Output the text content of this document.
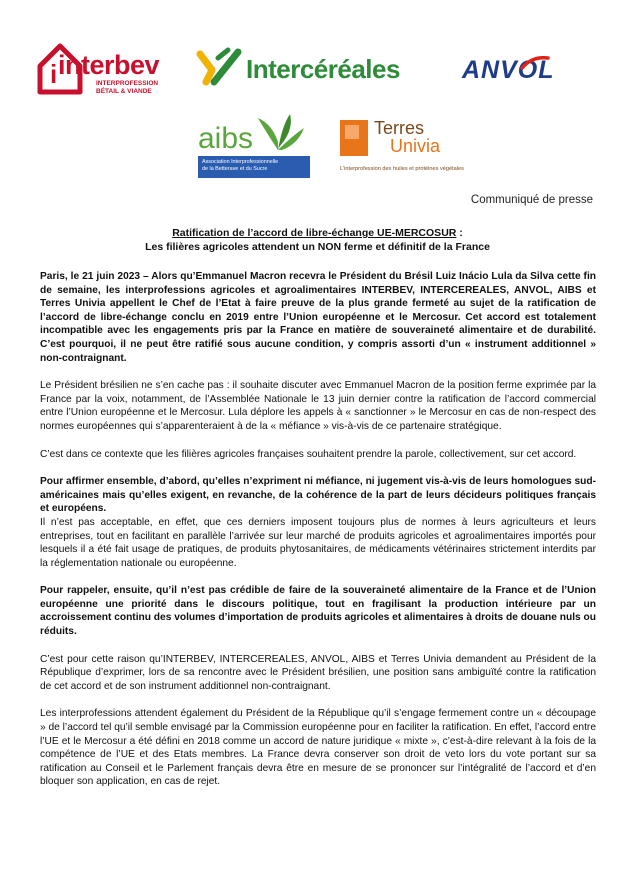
i interbev
INTERPROFESSION
BÉTAIL & VIANDE
Intercéréales ANVOL
aibs
Association Interprofessionnelle
de la Betterave et du Sucre
Terres
Univia
L'interprofession des huiles et protéines végétales
Communiqué de presse
Ratification de l’accord de libre-échange UE-MERCOSUR :
Les filières agricoles attendent un NON ferme et définitif de la France

Paris, le 21 juin 2023 – Alors qu’Emmanuel Macron recevra le Président du Brésil Luiz Inácio Lula da Silva cette fin de semaine, les interprofessions agricoles et agroalimentaires INTERBEV, INTERCEREALES, ANVOL, AIBS et Terres Univia appellent le Chef de l’Etat à faire preuve de la plus grande fermeté au sujet de la ratification de l’accord de libre-échange conclu en 2019 entre l’Union européenne et le Mercosur. Cet accord est totalement incompatible avec les engagements pris par la France en matière de souveraineté alimentaire et de durabilité. C’est pourquoi, il ne peut être ratifié sous aucune condition, y compris assorti d’un « instrument additionnel » non-contraignant.

Le Président brésilien ne s’en cache pas : il souhaite discuter avec Emmanuel Macron de la position ferme exprimée par la France par la voix, notamment, de l’Assemblée Nationale le 13 juin dernier contre la ratification de l’accord commercial entre l’Union européenne et le Mercosur. Lula déplore les appels à « sanctionner » le Mercosur en cas de non-respect des normes européennes qui s’apparenteraient à de la « méfiance » vis-à-vis de ce partenaire stratégique.

C’est dans ce contexte que les filières agricoles françaises souhaitent prendre la parole, collectivement, sur cet accord.

Pour affirmer ensemble, d’abord, qu’elles n’expriment ni méfiance, ni jugement vis-à-vis de leurs homologues sud-américaines mais qu’elles exigent, en revanche, de la cohérence de la part de leurs décideurs politiques français et européens.

Il n’est pas acceptable, en effet, que ces derniers imposent toujours plus de normes à leurs agriculteurs et leurs entreprises, tout en facilitant en parallèle l’arrivée sur leur marché de produits agricoles et agroalimentaires importés pour lesquels il a été fait usage de pratiques, de produits phytosanitaires, de médicaments vétérinaires strictement interdits par la réglementation nationale ou européenne.

Pour rappeler, ensuite, qu’il n’est pas crédible de faire de la souveraineté alimentaire de la France et de l’Union européenne une priorité dans le discours politique, tout en fragilisant la production intérieure par un accroissement continu des volumes d’importation de produits agricoles et alimentaires à droits de douane nuls ou réduits.

C’est pour cette raison qu’INTERBEV, INTERCEREALES, ANVOL, AIBS et Terres Univia demandent au Président de la République d’exprimer, lors de sa rencontre avec le Président brésilien, une position sans ambiguïté contre la ratification de cet accord et de son instrument additionnel non-contraignant.

Les interprofessions attendent également du Président de la République qu’il s’engage fermement contre un « découpage » de l’accord tel qu’il semble envisagé par la Commission européenne pour en faciliter la ratification. En effet, l’accord entre l’UE et le Mercosur a été défini en 2018 comme un accord de nature juridique « mixte », c’est-à-dire relevant à la fois de la compétence de l’UE et des Etats membres. La France devra conserver son droit de veto lors du vote portant sur sa ratification au Conseil et le Parlement français devra être en mesure de se prononcer sur l’intégralité de l’accord et d’en bloquer son application, en cas de rejet.
